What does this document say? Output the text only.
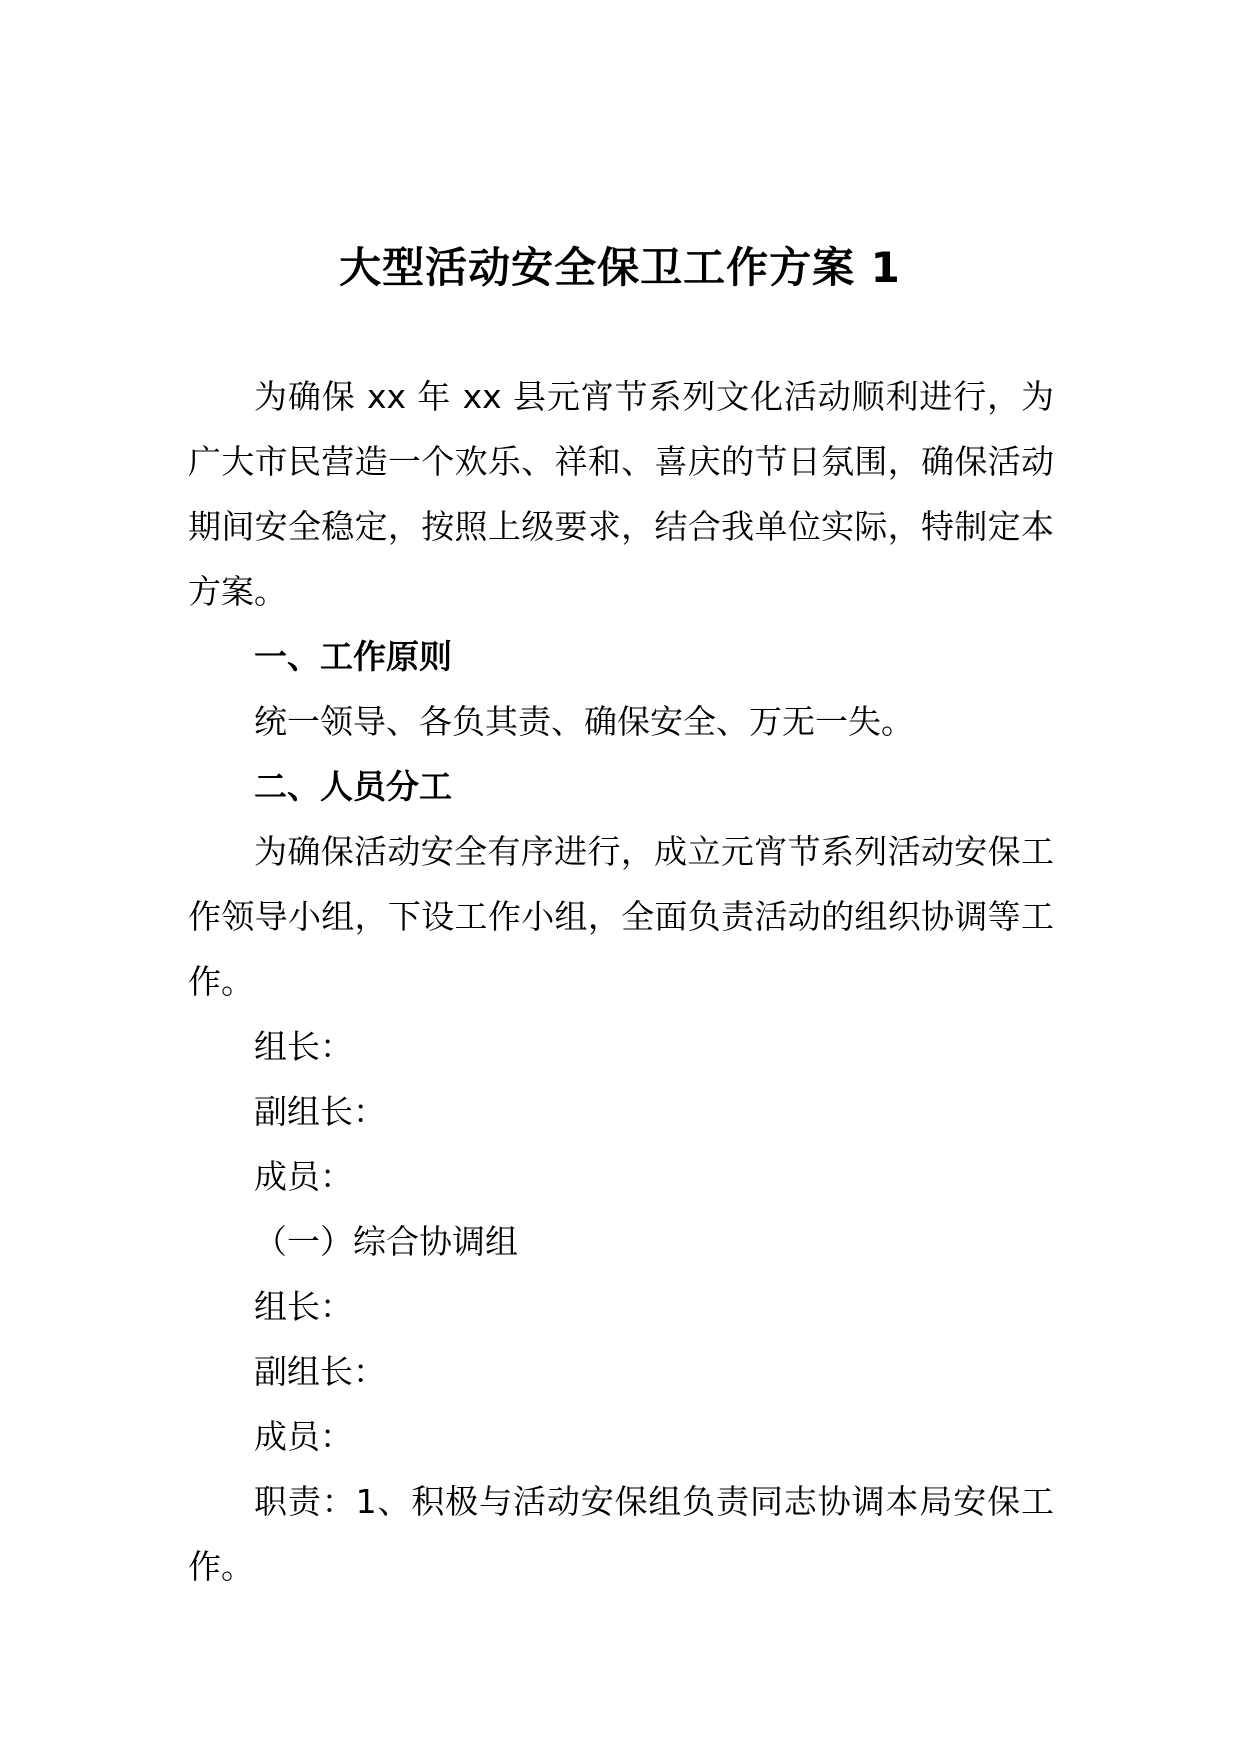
大型活动安全保卫工作方案 1

为确保 xx 年 xx 县元宵节系列文化活动顺利进行，为广大市民营造一个欢乐、祥和、喜庆的节日氛围，确保活动期间安全稳定，按照上级要求，结合我单位实际，特制定本方案。

一、工作原则

统一领导、各负其责、确保安全、万无一失。

二、人员分工

为确保活动安全有序进行，成立元宵节系列活动安保工作领导小组，下设工作小组，全面负责活动的组织协调等工作。

组长：

副组长：

成员：

（一）综合协调组

组长：

副组长：

成员：

职责：1、积极与活动安保组负责同志协调本局安保工作。
